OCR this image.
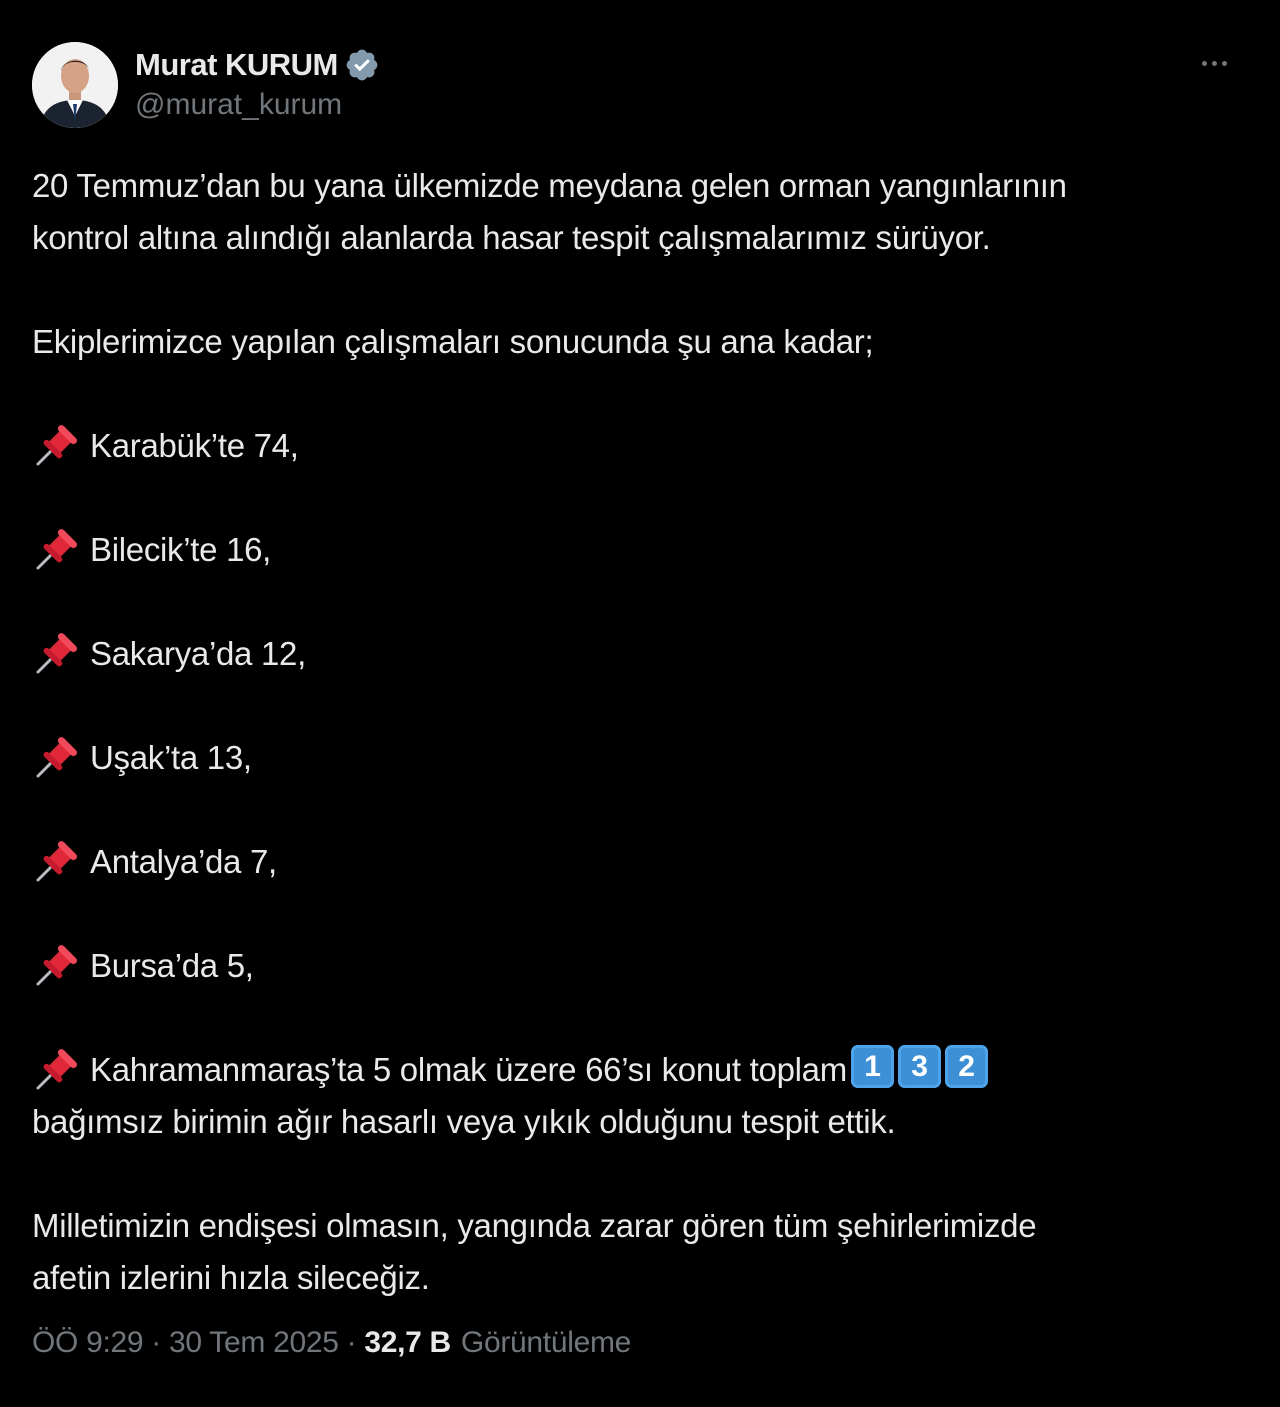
Murat KURUM
@murat_kurum

20 Temmuz’dan bu yana ülkemizde meydana gelen orman yangınlarının

kontrol altına alındığı alanlarda hasar tespit çalışmalarımız sürüyor.

Ekiplerimizce yapılan çalışmaları sonucunda şu ana kadar;

Karabük’te 74,
Bilecik’te 16,
Sakarya’da 12,
Uşak’ta 13,
Antalya’da 7,
Bursa’da 5,
Kahramanmaraş’ta 5 olmak üzere 66’sı konut toplam 1	3	2

bağımsız birimin ağır hasarlı veya yıkık olduğunu tespit ettik.

Milletimizin endişesi olmasın, yangında zarar gören tüm şehirlerimizde

afetin izlerini hızla sileceğiz.

ÖÖ 9:29 · 30 Tem 2025 · 32,7 B Görüntüleme
